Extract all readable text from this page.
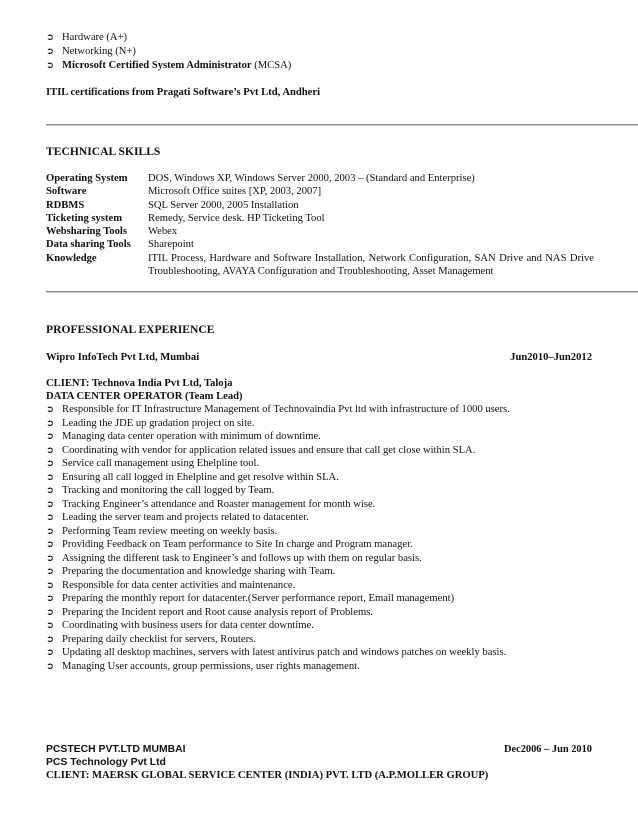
➲ Hardware (A+)
➲ Networking (N+)
➲ Microsoft Certified System Administrator (MCSA)
ITIL certifications from Pragati Software’s Pvt Ltd, Andheri
TECHNICAL SKILLS
Operating System	DOS, Windows XP, Windows Server 2000, 2003 – (Standard and Enterprise)
Software	Microsoft Office suites [XP, 2003, 2007]
RDBMS	SQL Server 2000, 2005 Installation
Ticketing system	Remedy, Service desk. HP Ticketing Tool
Websharing Tools	Webex
Data sharing Tools	Sharepoint
Knowledge	ITIL Process, Hardware and Software Installation, Network Configuration, SAN Drive and NAS Drive Troubleshooting, AVAYA Configuration and Troubleshooting, Asset Management
PROFESSIONAL EXPERIENCE
Wipro InfoTech Pvt Ltd, Mumbai	Jun2010–Jun2012
CLIENT: Technova India Pvt Ltd, Taloja
DATA CENTER OPERATOR (Team Lead)
➲ Responsible for IT Infrastructure Management of Technovaindia Pvt ltd with infrastructure of 1000 users.
➲ Leading the JDE up gradation project on site.
➲ Managing data center operation with minimum of downtime.
➲ Coordinating with vendor for application related issues and ensure that call get close within SLA.
➲ Service call management using Ehelpline tool.
➲ Ensuring all call logged in Ehelpline and get resolve within SLA.
➲ Tracking and monitoring the call logged by Team.
➲ Tracking Engineer’s attendance and Roaster management for month wise.
➲ Leading the server team and projects related to datacenter.
➲ Performing Team review meeting on weekly basis.
➲ Providing Feedback on Team performance to Site In charge and Program manager.
➲ Assigning the different task to Engineer’s and follows up with them on regular basis.
➲ Preparing the documentation and knowledge sharing with Team.
➲ Responsible for data center activities and maintenance.
➲ Preparing the monthly report for datacenter.(Server performance report, Email management)
➲ Preparing the Incident report and Root cause analysis report of Problems.
➲ Coordinating with business users for data center downtime.
➲ Preparing daily checklist for servers, Routers.
➲ Updating all desktop machines, servers with latest antivirus patch and windows patches on weekly basis.
➲ Managing User accounts, group permissions, user rights management.
PCSTECH PVT.LTD MUMBAI	Dec2006 – Jun 2010
PCS Technology Pvt Ltd
CLIENT: MAERSK GLOBAL SERVICE CENTER (INDIA) PVT. LTD (A.P.MOLLER GROUP)
